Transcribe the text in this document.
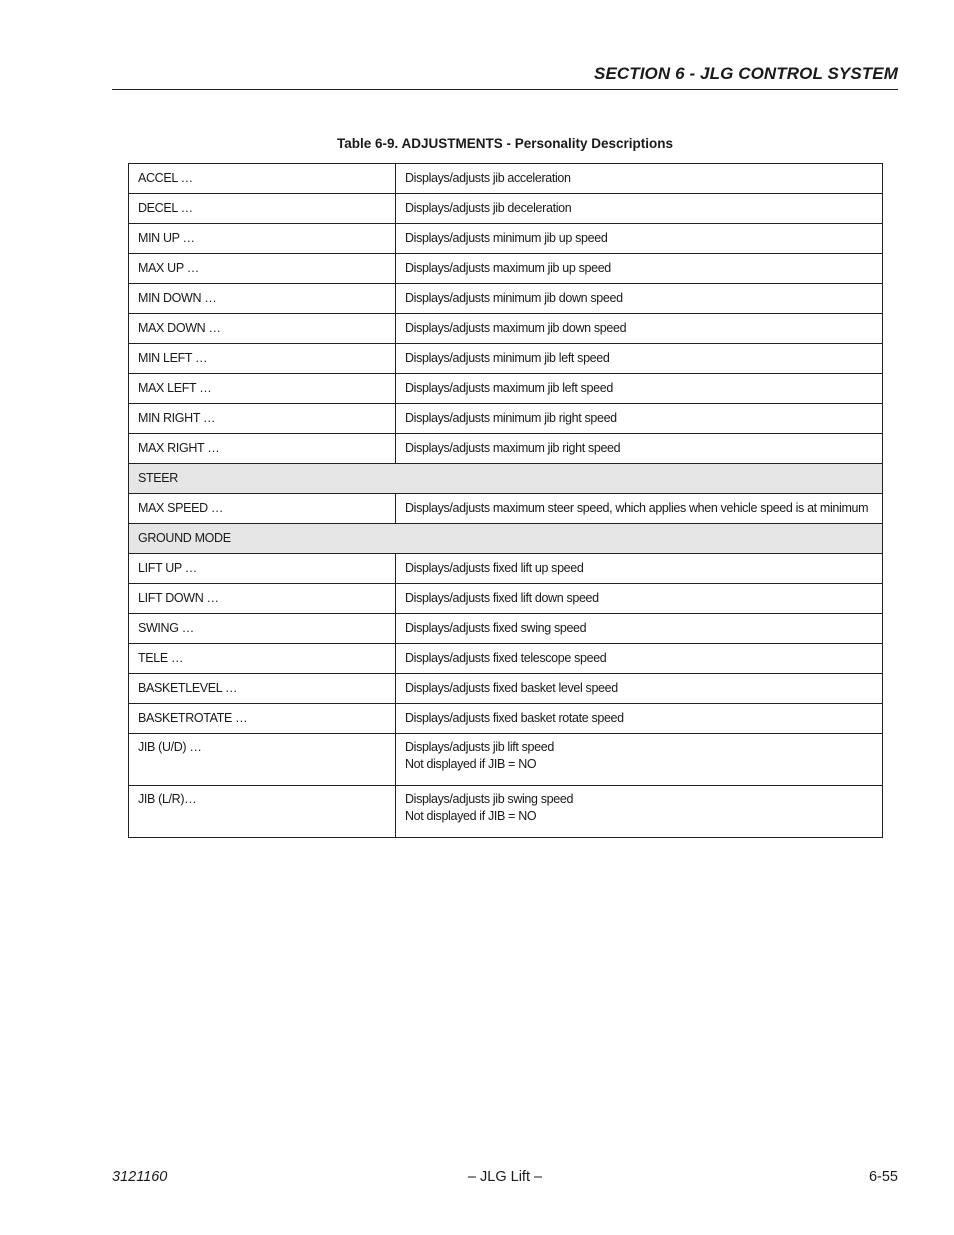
SECTION 6 - JLG CONTROL SYSTEM
Table 6-9. ADJUSTMENTS - Personality Descriptions
ACCEL …	Displays/adjusts jib acceleration

DECEL …	Displays/adjusts jib deceleration

MIN UP …	Displays/adjusts minimum jib up speed

MAX UP …	Displays/adjusts maximum jib up speed

MIN DOWN …	Displays/adjusts minimum jib down speed

MAX DOWN …	Displays/adjusts maximum jib down speed

MIN LEFT …	Displays/adjusts minimum jib left speed

MAX LEFT …	Displays/adjusts maximum jib left speed

MIN RIGHT …	Displays/adjusts minimum jib right speed

MAX RIGHT …	Displays/adjusts maximum jib right speed

STEER	
MAX SPEED …	Displays/adjusts maximum steer speed, which applies when vehicle speed is at minimum

GROUND MODE	
LIFT UP …	Displays/adjusts fixed lift up speed

LIFT DOWN …	Displays/adjusts fixed lift down speed

SWING …	Displays/adjusts fixed swing speed

TELE …	Displays/adjusts fixed telescope speed

BASKETLEVEL …	Displays/adjusts fixed basket level speed

BASKETROTATE …	Displays/adjusts fixed basket rotate speed

JIB (U/D) …	Displays/adjusts jib lift speed
Not displayed if JIB = NO

JIB (L/R)…	Displays/adjusts jib swing speed
Not displayed if JIB = NO
3121160	– JLG Lift –	6-55
